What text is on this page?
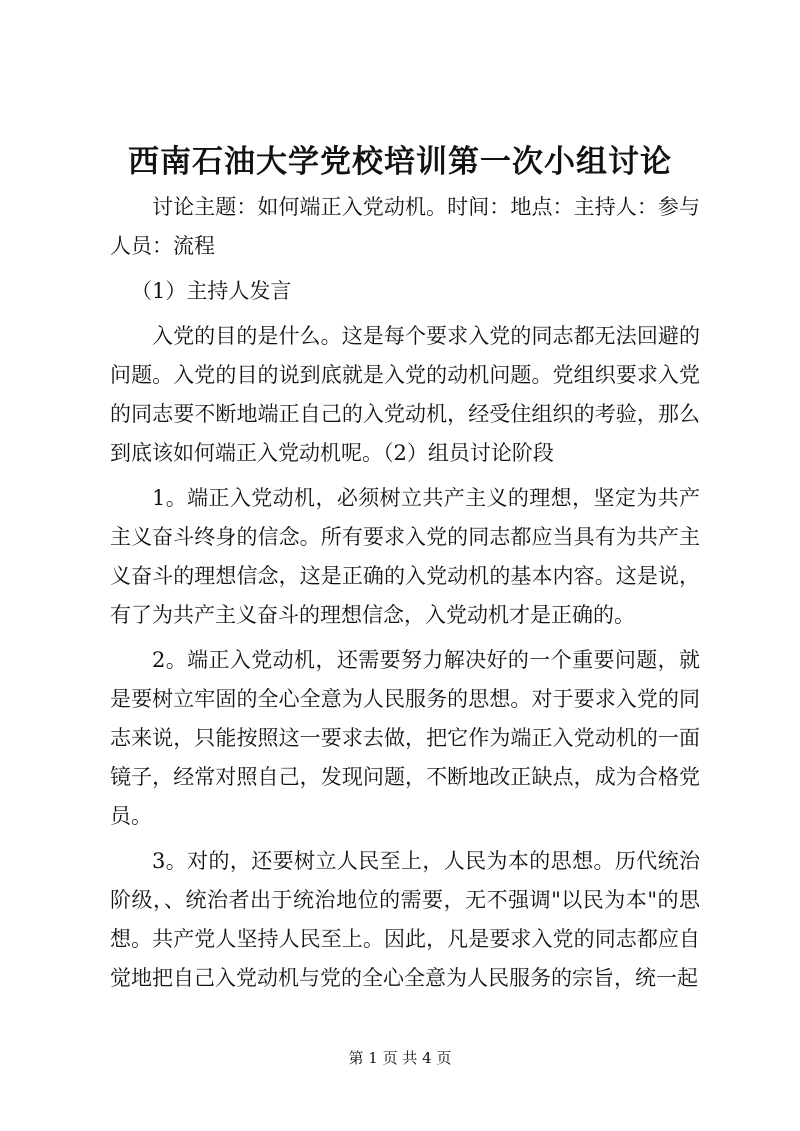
西南石油大学党校培训第一次小组讨论

讨论主题：如何端正入党动机。时间：地点：主持人：参与人员：流程

（1）主持人发言

入党的目的是什么。这是每个要求入党的同志都无法回避的问题。入党的目的说到底就是入党的动机问题。党组织要求入党的同志要不断地端正自己的入党动机，经受住组织的考验，那么到底该如何端正入党动机呢。（2）组员讨论阶段

1。端正入党动机，必须树立共产主义的理想，坚定为共产主义奋斗终身的信念。所有要求入党的同志都应当具有为共产主义奋斗的理想信念，这是正确的入党动机的基本内容。这是说，有了为共产主义奋斗的理想信念，入党动机才是正确的。

2。端正入党动机，还需要努力解决好的一个重要问题，就是要树立牢固的全心全意为人民服务的思想。对于要求入党的同志来说，只能按照这一要求去做，把它作为端正入党动机的一面镜子，经常对照自己，发现问题，不断地改正缺点，成为合格党员。

3。对的，还要树立人民至上，人民为本的思想。历代统治阶级，、统治者出于统治地位的需要，无不强调"以民为本"的思想。共产党人坚持人民至上。因此，凡是要求入党的同志都应自觉地把自己入党动机与党的全心全意为人民服务的宗旨，统一起

第 1 页 共 4 页
